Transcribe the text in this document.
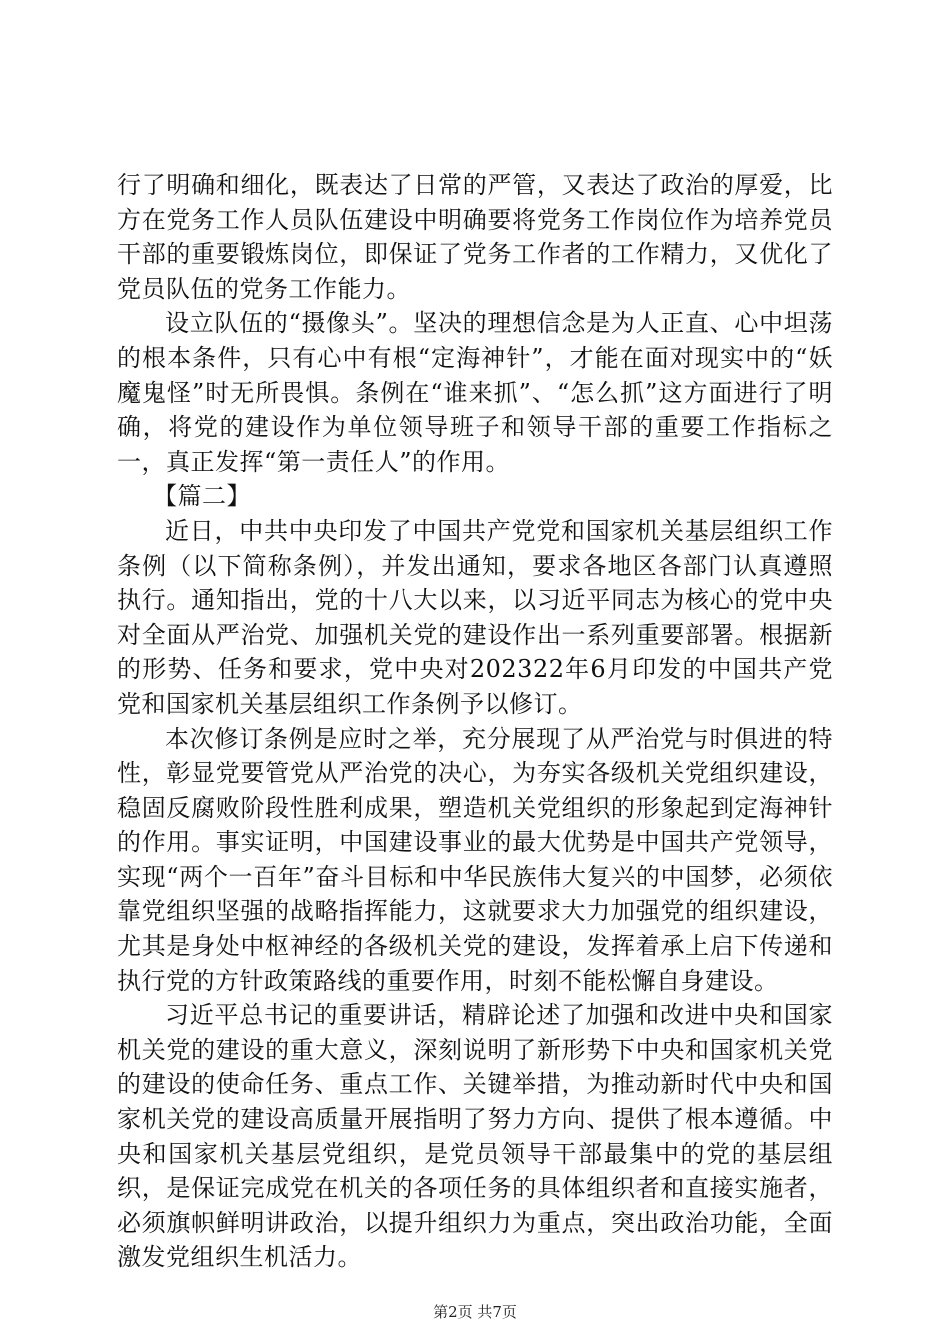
行了明确和细化，既表达了日常的严管，又表达了政治的厚爱，比方在党务工作人员队伍建设中明确要将党务工作岗位作为培养党员干部的重要锻炼岗位，即保证了党务工作者的工作精力，又优化了党员队伍的党务工作能力。

设立队伍的“摄像头”。坚决的理想信念是为人正直、心中坦荡的根本条件，只有心中有根“定海神针”，才能在面对现实中的“妖魔鬼怪”时无所畏惧。条例在“谁来抓”、“怎么抓”这方面进行了明确，将党的建设作为单位领导班子和领导干部的重要工作指标之一，真正发挥“第一责任人”的作用。

【篇二】

近日，中共中央印发了中国共产党党和国家机关基层组织工作条例（以下简称条例），并发出通知，要求各地区各部门认真遵照执行。通知指出，党的十八大以来，以习近平同志为核心的党中央对全面从严治党、加强机关党的建设作出一系列重要部署。根据新的形势、任务和要求，党中央对202322年6月印发的中国共产党党和国家机关基层组织工作条例予以修订。

本次修订条例是应时之举，充分展现了从严治党与时俱进的特性，彰显党要管党从严治党的决心，为夯实各级机关党组织建设，稳固反腐败阶段性胜利成果，塑造机关党组织的形象起到定海神针的作用。事实证明，中国建设事业的最大优势是中国共产党领导，实现“两个一百年”奋斗目标和中华民族伟大复兴的中国梦，必须依靠党组织坚强的战略指挥能力，这就要求大力加强党的组织建设，尤其是身处中枢神经的各级机关党的建设，发挥着承上启下传递和执行党的方针政策路线的重要作用，时刻不能松懈自身建设。

习近平总书记的重要讲话，精辟论述了加强和改进中央和国家机关党的建设的重大意义，深刻说明了新形势下中央和国家机关党的建设的使命任务、重点工作、关键举措，为推动新时代中央和国家机关党的建设高质量开展指明了努力方向、提供了根本遵循。中央和国家机关基层党组织，是党员领导干部最集中的党的基层组织，是保证完成党在机关的各项任务的具体组织者和直接实施者，必须旗帜鲜明讲政治，以提升组织力为重点，突出政治功能，全面激发党组织生机活力。

第2页 共7页
